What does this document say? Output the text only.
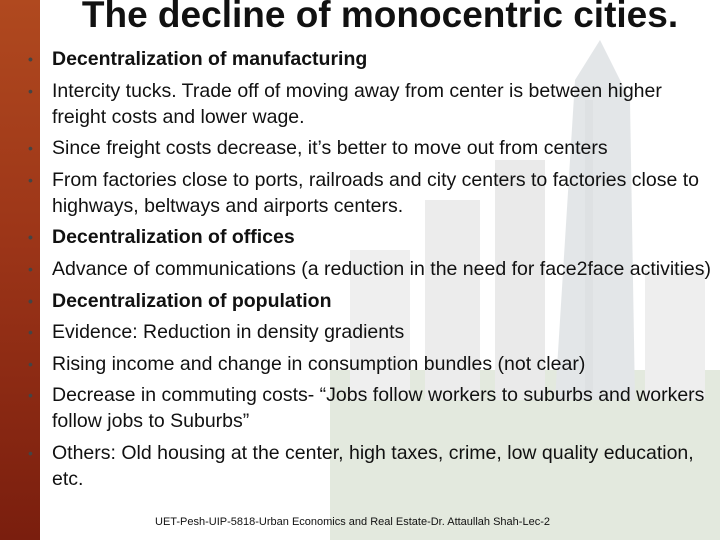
The decline of monocentric cities.
• Decentralization of manufacturing
• Intercity tucks. Trade off of moving away from center is between higher freight costs and lower wage.
• Since freight costs decrease, it’s better to move out from centers
• From factories close to ports, railroads and city centers to factories close to highways, beltways and airports centers.
• Decentralization of offices
• Advance of communications (a reduction in the need for face2face activities)
• Decentralization of population
• Evidence: Reduction in density gradients
• Rising income and change in consumption bundles (not clear)
• Decrease in commuting costs- “Jobs follow workers to suburbs and workers follow jobs to Suburbs”
• Others: Old housing at the center, high taxes, crime, low quality education, etc.
UET-Pesh-UIP-5818-Urban Economics and Real Estate-Dr. Attaullah Shah-Lec-2
